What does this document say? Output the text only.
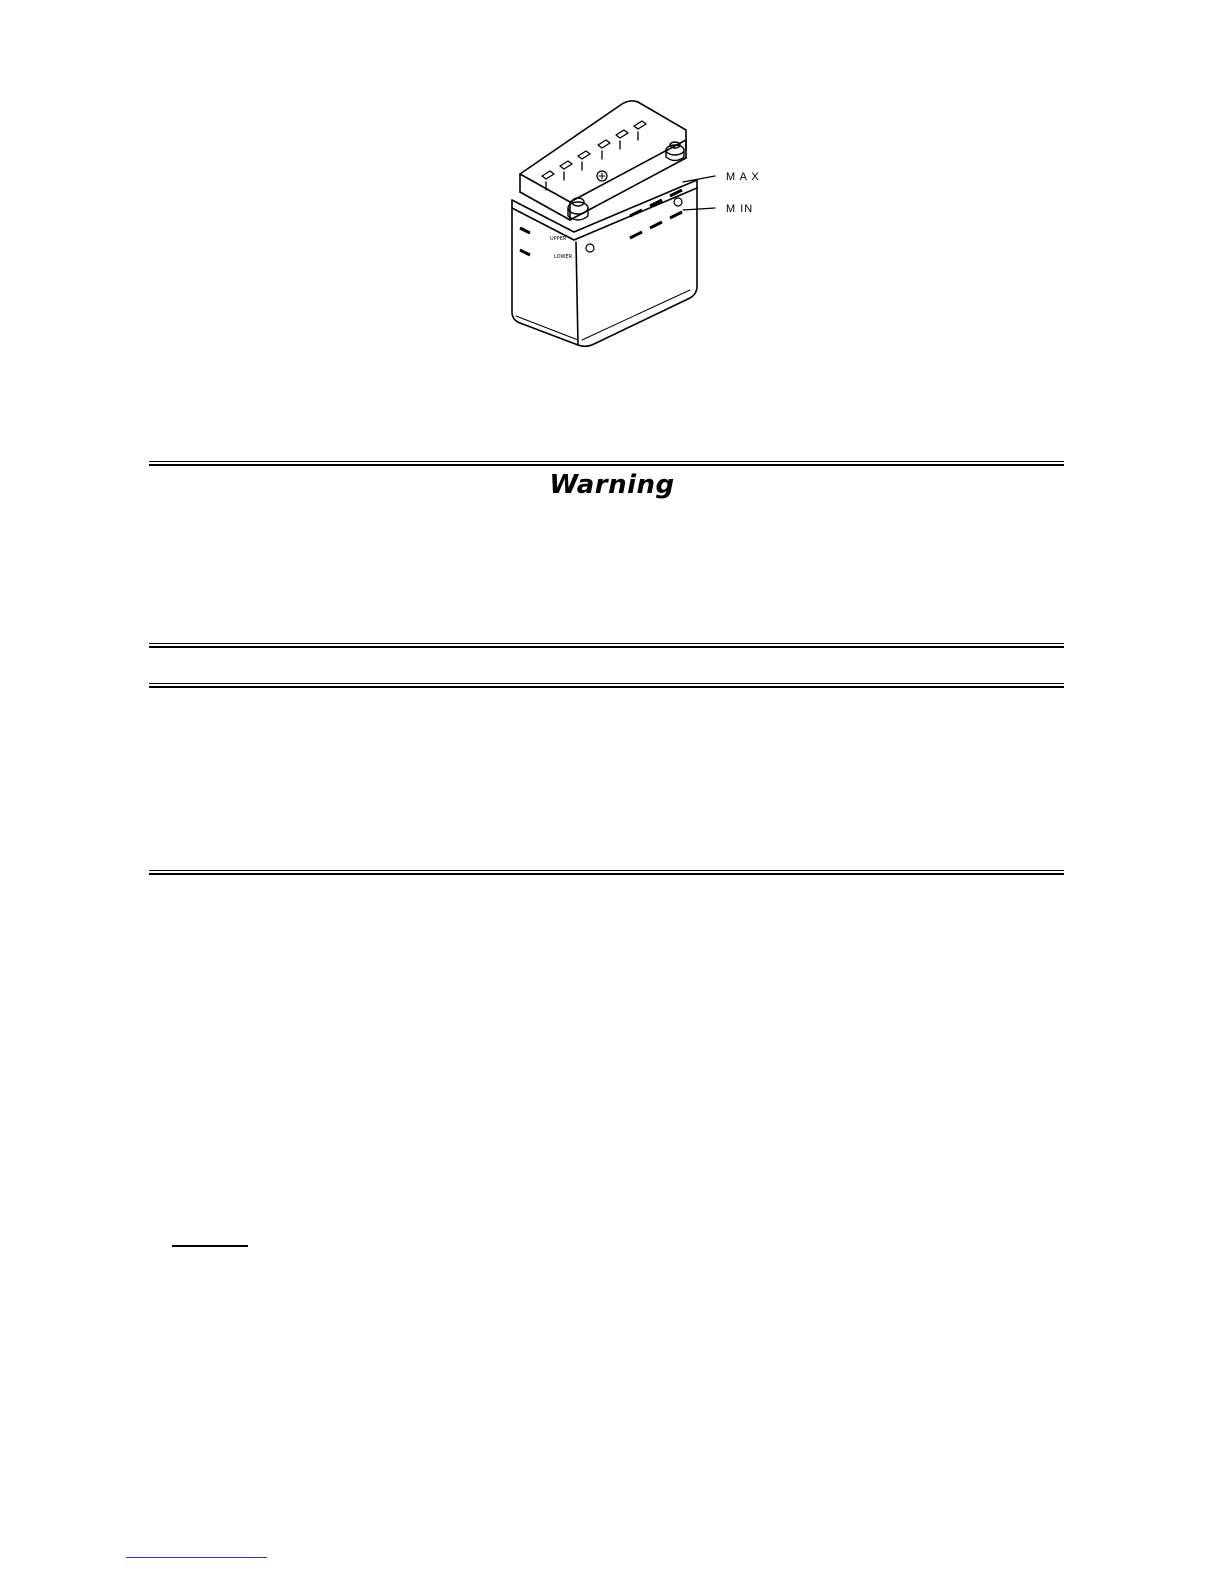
UPPER
LOWER
M A X
M IN
Warning
